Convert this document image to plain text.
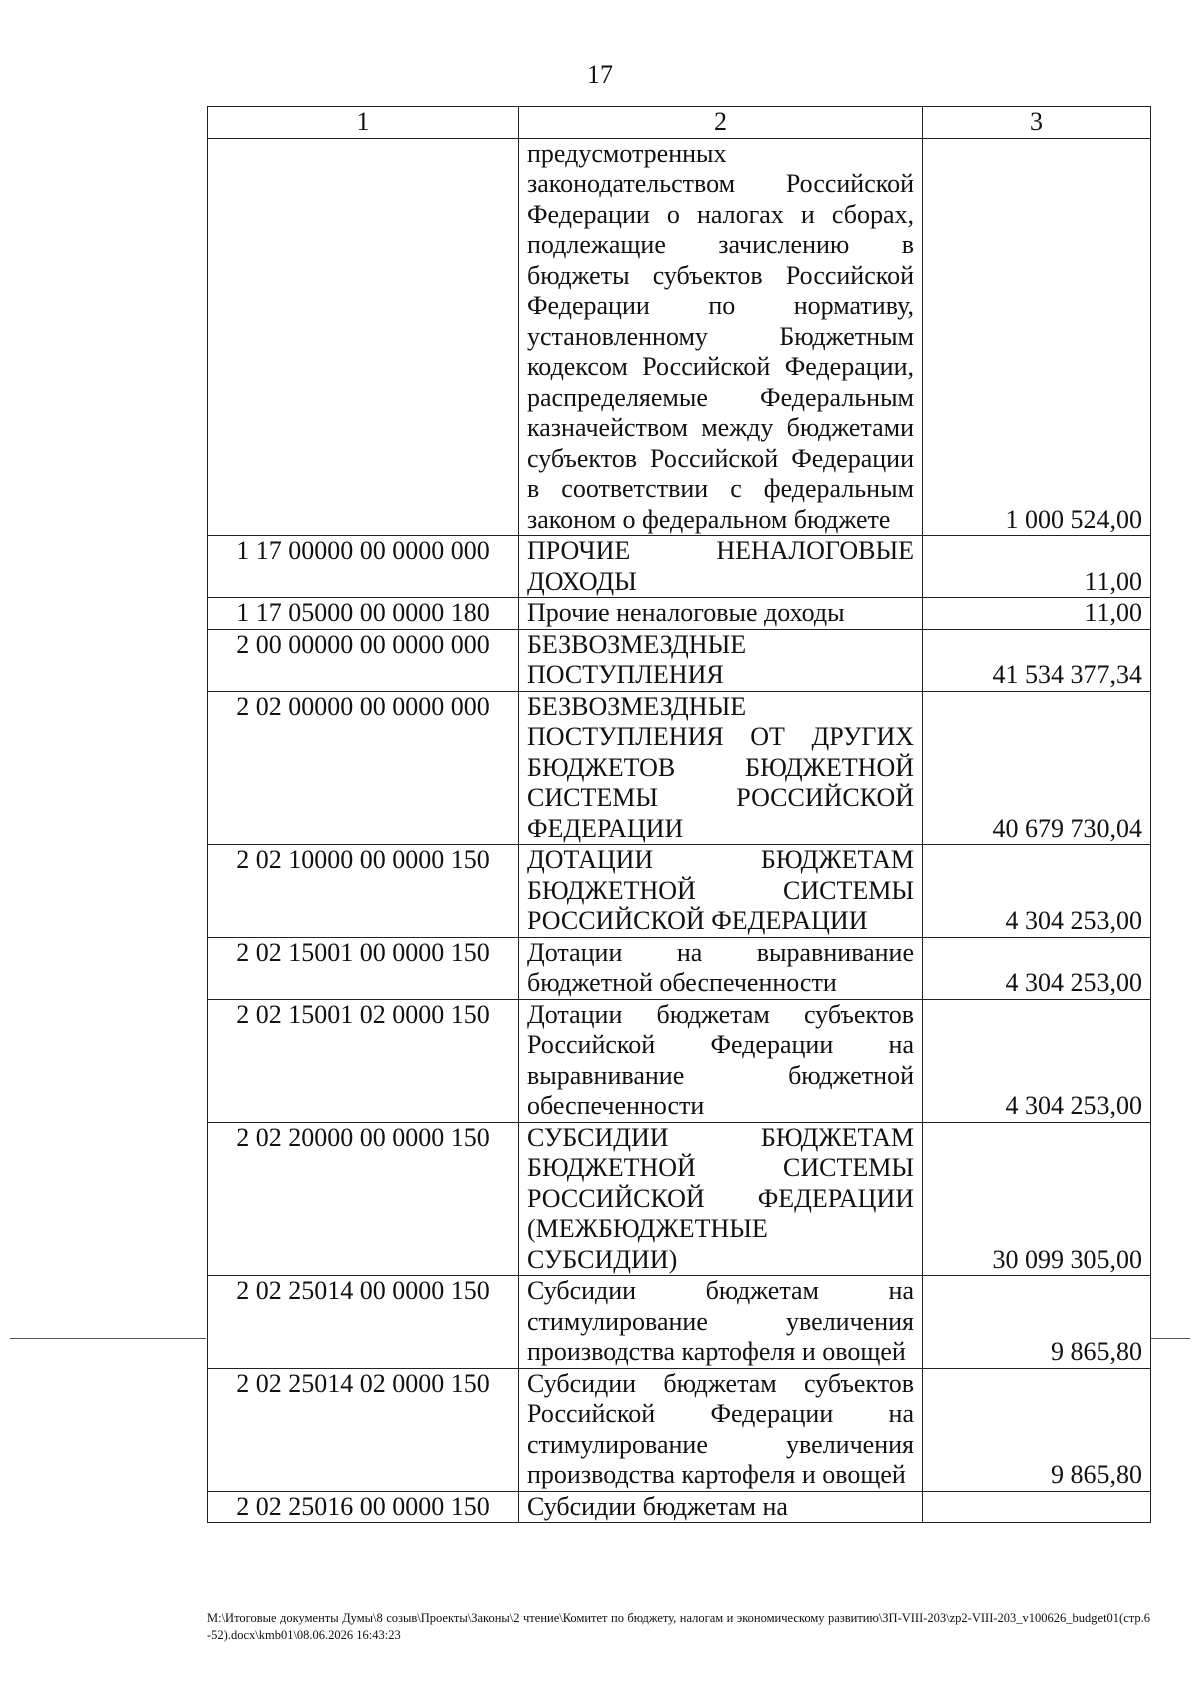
17
1	2	3
	предусмотренных законодательством Российской Федерации о налогах и сборах, подлежащие зачислению в бюджеты субъектов Российской Федерации по нормативу, установленному Бюджетным кодексом Российской Федерации, распределяемые Федеральным казначейством между бюджетами субъектов Российской Федерации в соответствии с федеральным законом о федеральном бюджете	1 000 524,00
1 17 00000 00 0000 000	ПРОЧИЕ НЕНАЛОГОВЫЕ ДОХОДЫ	11,00
1 17 05000 00 0000 180	Прочие неналоговые доходы	11,00
2 00 00000 00 0000 000	БЕЗВОЗМЕЗДНЫЕ ПОСТУПЛЕНИЯ	41 534 377,34
2 02 00000 00 0000 000	БЕЗВОЗМЕЗДНЫЕ ПОСТУПЛЕНИЯ ОТ ДРУГИХ БЮДЖЕТОВ БЮДЖЕТНОЙ СИСТЕМЫ РОССИЙСКОЙ ФЕДЕРАЦИИ	40 679 730,04
2 02 10000 00 0000 150	ДОТАЦИИ БЮДЖЕТАМ БЮДЖЕТНОЙ СИСТЕМЫ РОССИЙСКОЙ ФЕДЕРАЦИИ	4 304 253,00
2 02 15001 00 0000 150	Дотации на выравнивание бюджетной обеспеченности	4 304 253,00
2 02 15001 02 0000 150	Дотации бюджетам субъектов Российской Федерации на выравнивание бюджетной обеспеченности	4 304 253,00
2 02 20000 00 0000 150	СУБСИДИИ БЮДЖЕТАМ БЮДЖЕТНОЙ СИСТЕМЫ РОССИЙСКОЙ ФЕДЕРАЦИИ (МЕЖБЮДЖЕТНЫЕ СУБСИДИИ)	30 099 305,00
2 02 25014 00 0000 150	Субсидии бюджетам на стимулирование увеличения производства картофеля и овощей	9 865,80
2 02 25014 02 0000 150	Субсидии бюджетам субъектов Российской Федерации на стимулирование увеличения производства картофеля и овощей	9 865,80
2 02 25016 00 0000 150	Субсидии бюджетам на	
М:\Итоговые документы Думы\8 созыв\Проекты\Законы\2 чтение\Комитет по бюджету, налогам и экономическому развитию\ЗП-VIII-203\zp2-VIII-203_v100626_budget01(стр.6-52).docx\kmb01\08.06.2026 16:43:23
